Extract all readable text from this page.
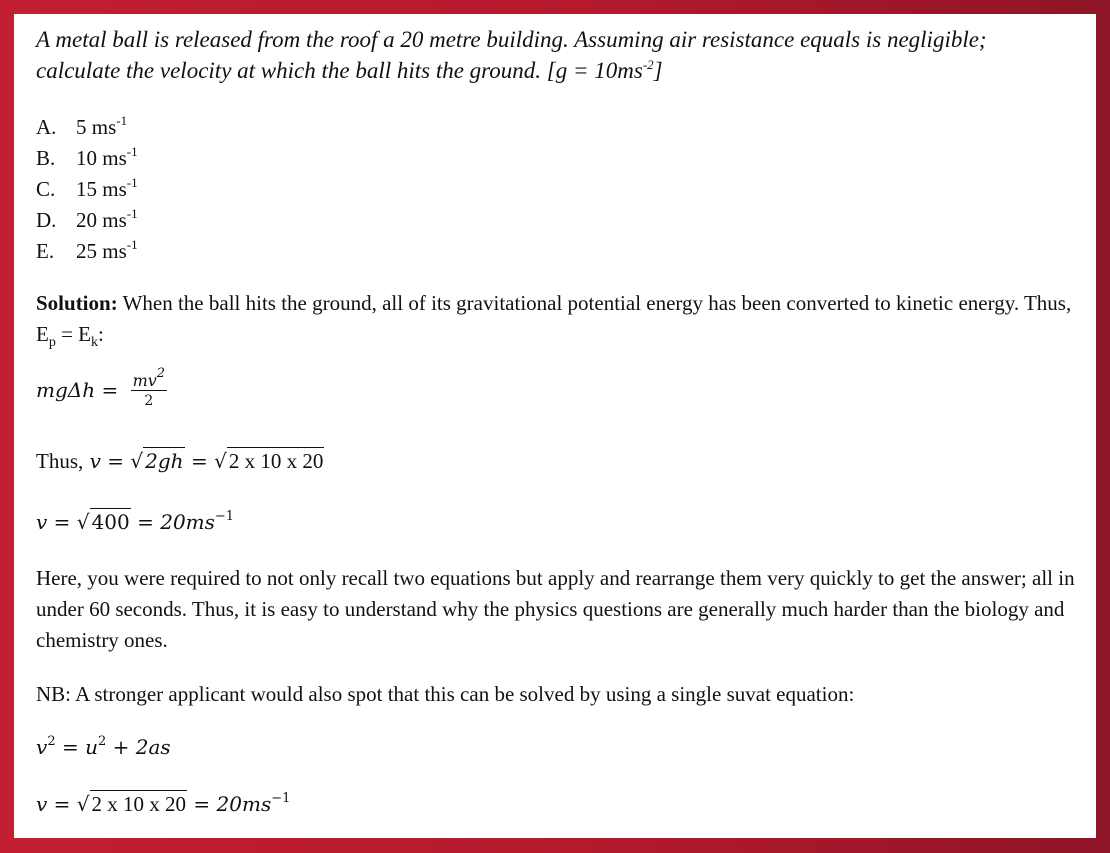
A metal ball is released from the roof a 20 metre building. Assuming air resistance equals is negligible;
calculate the velocity at which the ball hits the ground. $[g = 10ms^{-2}]$
A. 5 $ms^{-1}$
B. 10 $ms^{-1}$
C. 15 $ms^{-1}$
D. 20 $ms^{-1}$
E. 25 $ms^{-1}$
Solution: When the ball hits the ground, all of its gravitational potential energy has been converted to kinetic energy. Thus, $E_p = E_k$:
$mg\Delta h = \frac{mv^2}{2}$
Thus, v = √ 2gh = √2 x 10 x 20
v = √ $400 = 20ms^{-1}$
Here, you were required to not only recall two equations but apply and rearrange them very quickly to get the answer; all in under 60 seconds. Thus, it is easy to understand why the physics questions are generally much harder than the biology and chemistry ones.
NB: A stronger applicant would also spot that this can be solved by using a single suvat equation:
$v^2 = u^2 + 2as$
v = √2 x 10 x $20 = 20ms^{-1}$
